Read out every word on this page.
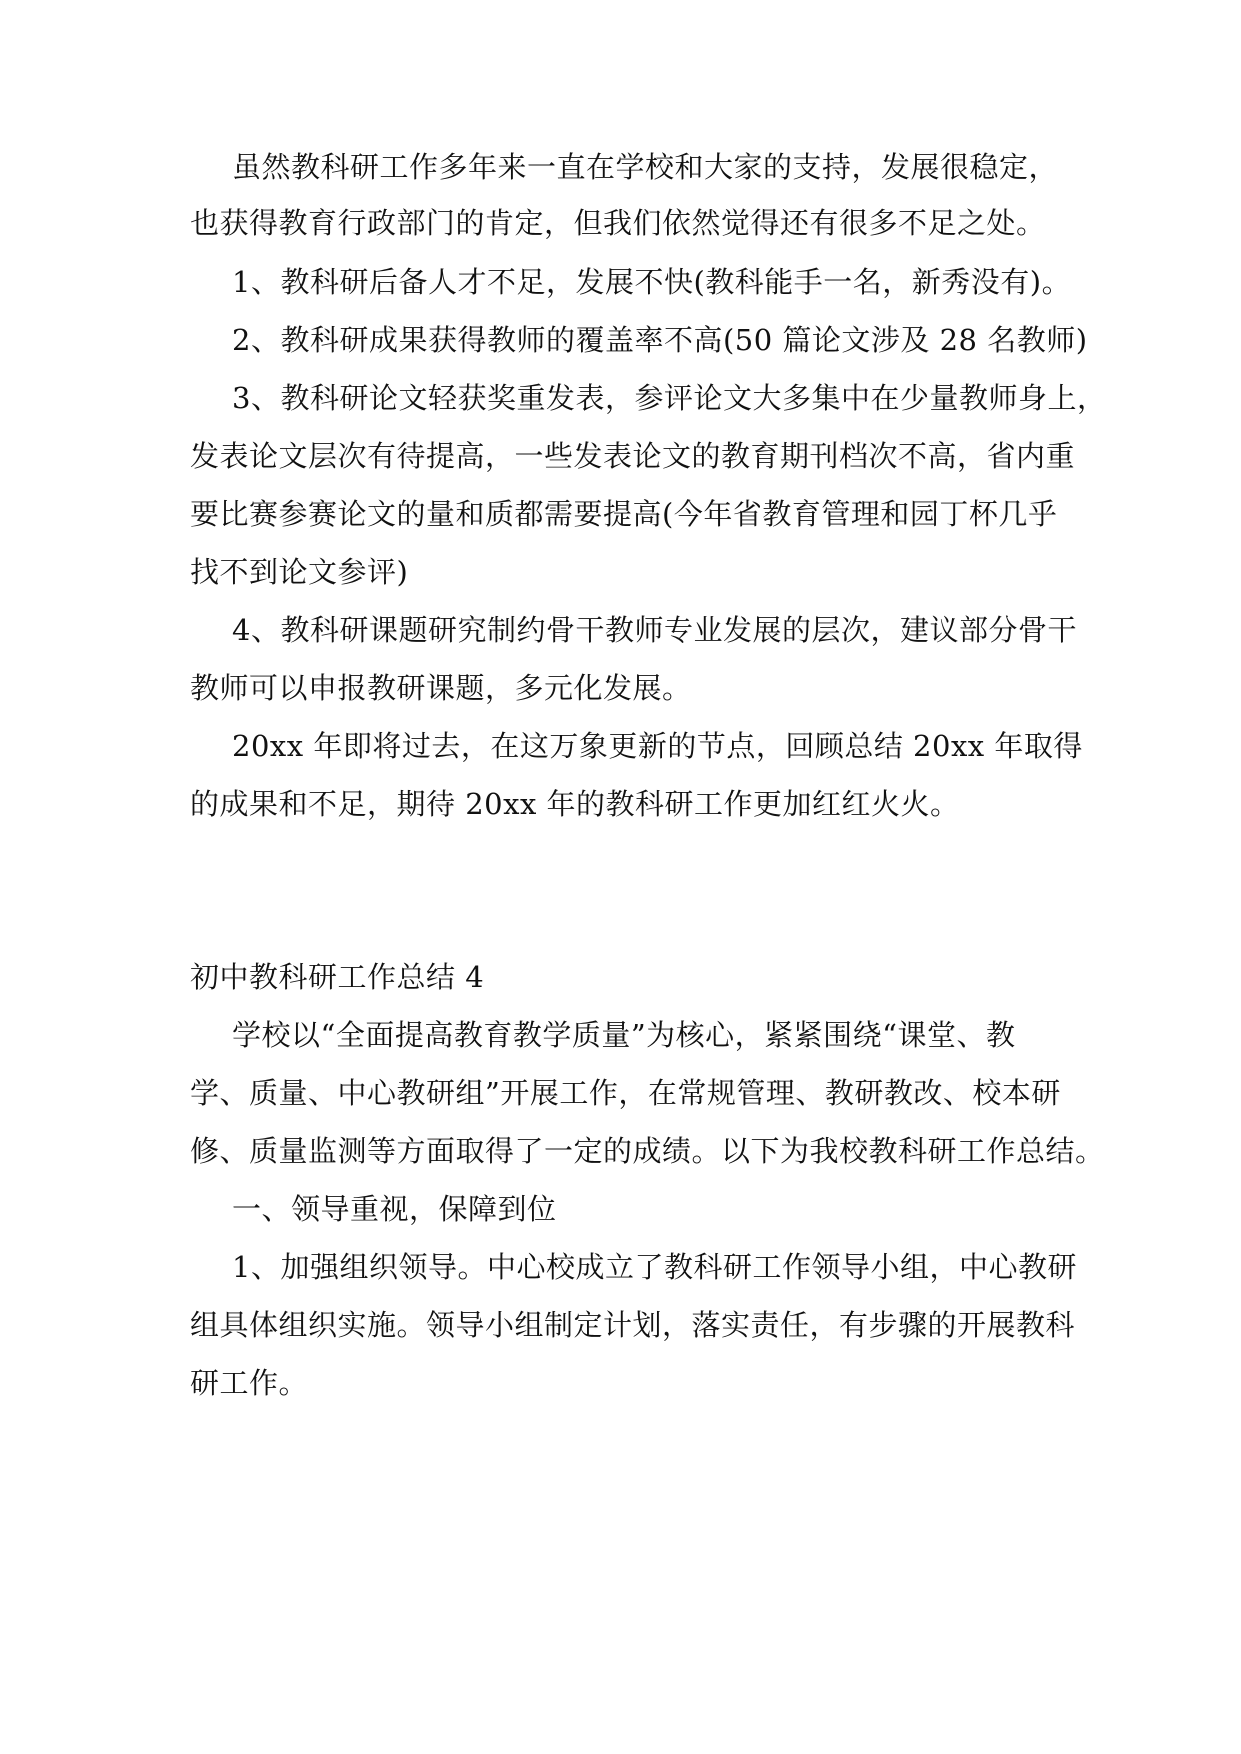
虽然教科研工作多年来一直在学校和大家的支持，发展很稳定，
也获得教育行政部门的肯定，但我们依然觉得还有很多不足之处。
1、教科研后备人才不足，发展不快(教科能手一名，新秀没有)。
2、教科研成果获得教师的覆盖率不高(50 篇论文涉及 28 名教师)
3、教科研论文轻获奖重发表，参评论文大多集中在少量教师身上，
发表论文层次有待提高，一些发表论文的教育期刊档次不高，省内重
要比赛参赛论文的量和质都需要提高(今年省教育管理和园丁杯几乎
找不到论文参评)
4、教科研课题研究制约骨干教师专业发展的层次，建议部分骨干
教师可以申报教研课题，多元化发展。
20xx 年即将过去，在这万象更新的节点，回顾总结 20xx 年取得
的成果和不足，期待 20xx 年的教科研工作更加红红火火。
初中教科研工作总结 4
学校以“全面提高教育教学质量”为核心，紧紧围绕“课堂、教
学、质量、中心教研组”开展工作，在常规管理、教研教改、校本研
修、质量监测等方面取得了一定的成绩。以下为我校教科研工作总结。
一、领导重视，保障到位
1、加强组织领导。中心校成立了教科研工作领导小组，中心教研
组具体组织实施。领导小组制定计划，落实责任，有步骤的开展教科
研工作。
